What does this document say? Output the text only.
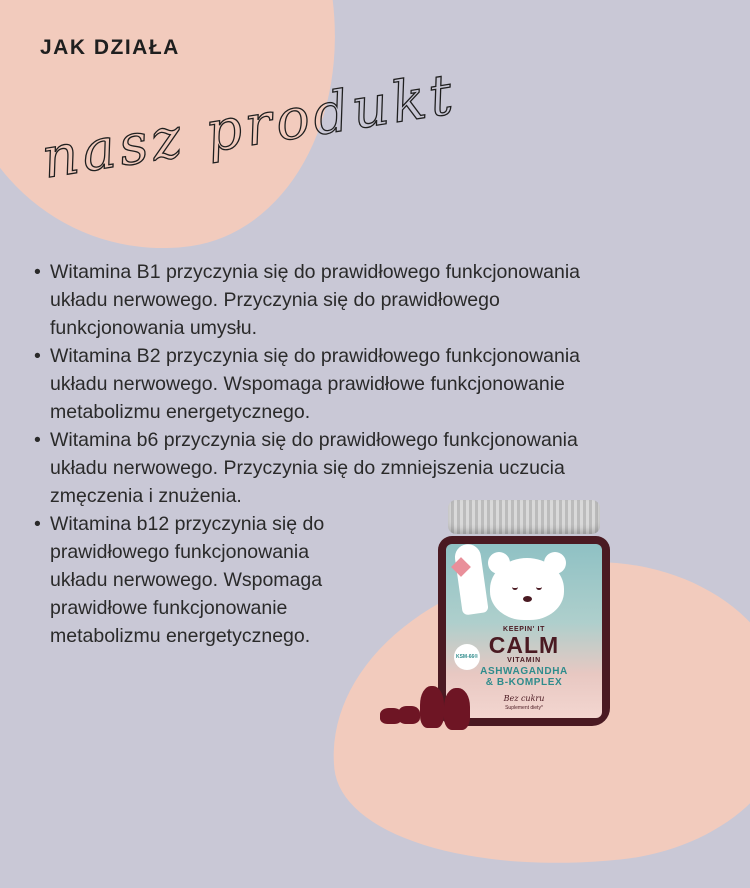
JAK DZIAŁA
nasz produkt
• Witamina B1 przyczynia się do prawidłowego funkcjonowania
układu nerwowego. Przyczynia się do prawidłowego
funkcjonowania umysłu.
• Witamina B2 przyczynia się do prawidłowego funkcjonowania
układu nerwowego. Wspomaga prawidłowe funkcjonowanie
metabolizmu energetycznego.
• Witamina b6 przyczynia się do prawidłowego funkcjonowania
układu nerwowego. Przyczynia się do zmniejszenia uczucia
zmęczenia i znużenia.
• Witamina b12 przyczynia się do
prawidłowego funkcjonowania
układu nerwowego. Wspomaga
prawidłowe funkcjonowanie
metabolizmu energetycznego.
KSM-66®
KEEPIN' IT
CALM
VITAMIN
ASHWAGANDHA
& B-KOMPLEX
Bez cukru
Suplement diety*
